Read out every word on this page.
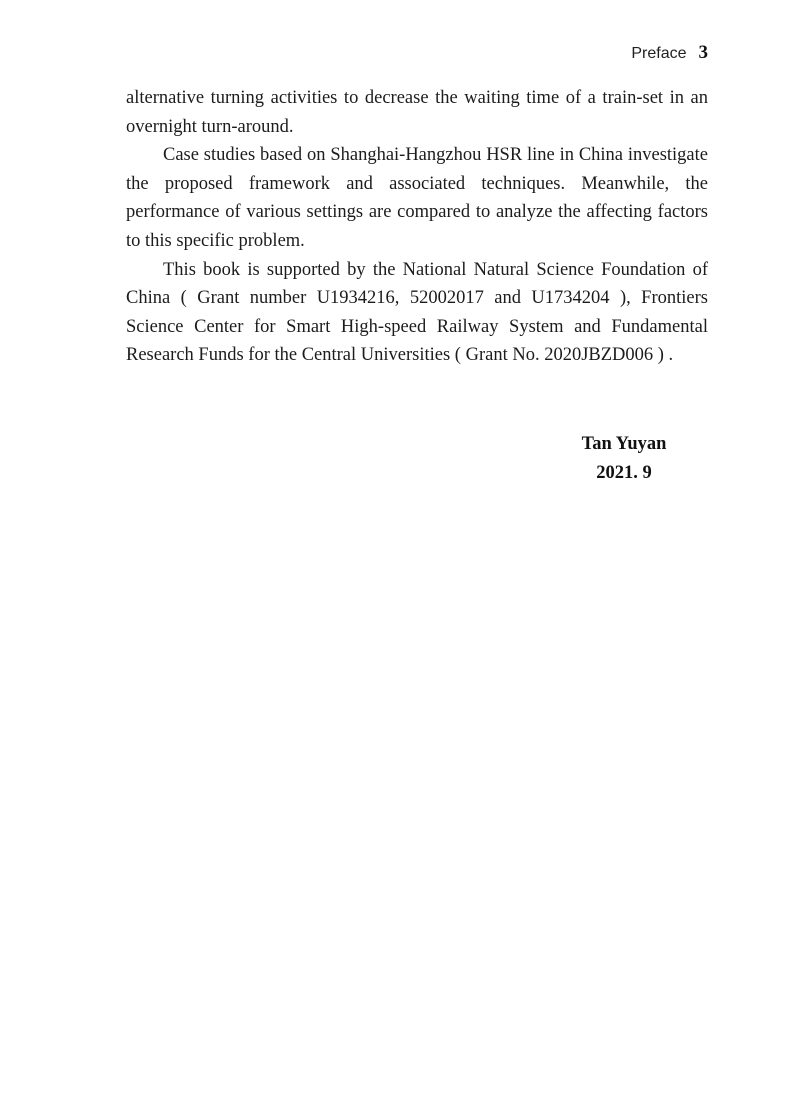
Preface 3

alternative turning activities to decrease the waiting time of a train-set in an overnight turn-around.

Case studies based on Shanghai-Hangzhou HSR line in China investigate the proposed framework and associated techniques. Meanwhile, the performance of various settings are compared to analyze the affecting factors to this specific problem.

This book is supported by the National Natural Science Foundation of China ( Grant number U1934216, 52002017 and U1734204 ), Frontiers Science Center for Smart High-speed Railway System and Fundamental Research Funds for the Central Universities ( Grant No. 2020JBZD006 ) .

Tan Yuyan
2021. 9
